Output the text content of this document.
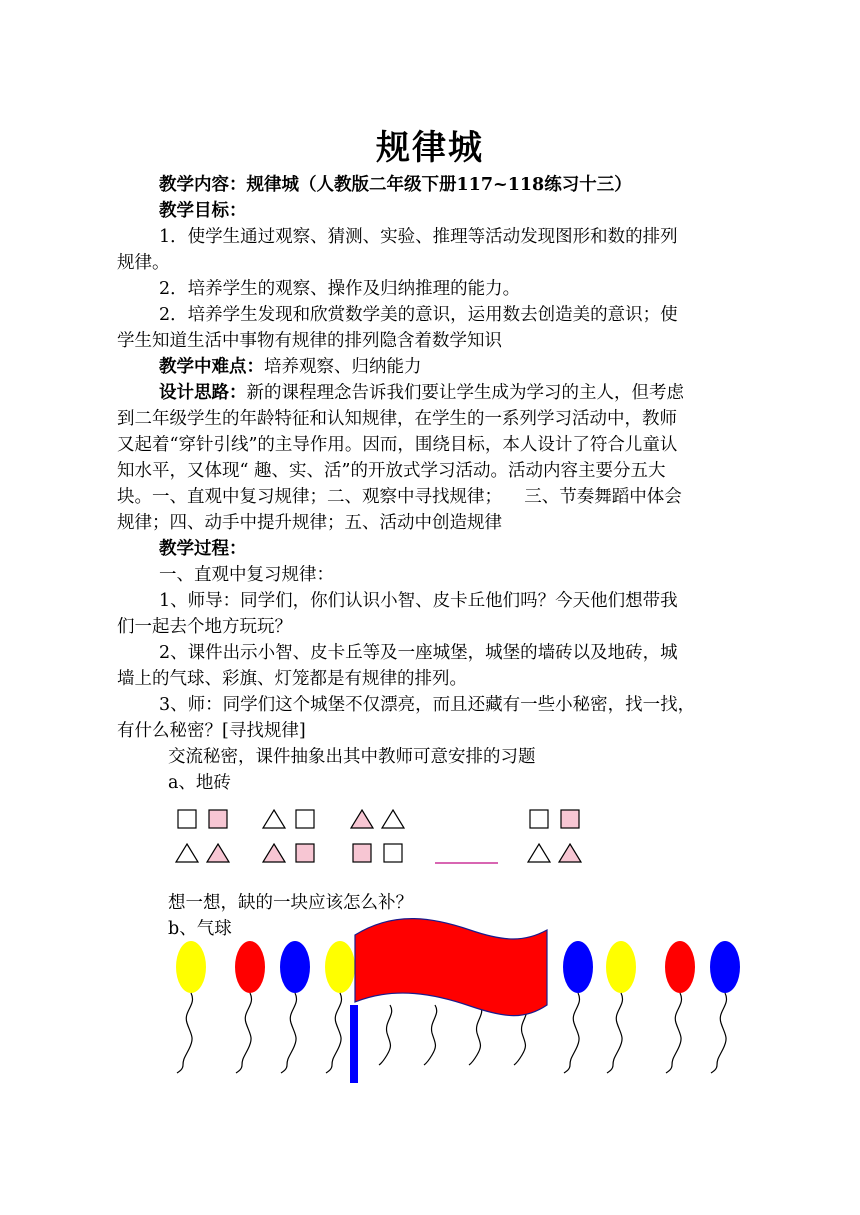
规律城
教学内容：规律城（人教版二年级下册117~118练习十三）
教学目标：
1．使学生通过观察、猜测、实验、推理等活动发现图形和数的排列
规律。
2．培养学生的观察、操作及归纳推理的能力。
2．培养学生发现和欣赏数学美的意识，运用数去创造美的意识；使
学生知道生活中事物有规律的排列隐含着数学知识
教学中难点：培养观察、归纳能力
设计思路：新的课程理念告诉我们要让学生成为学习的主人，但考虑
到二年级学生的年龄特征和认知规律，在学生的一系列学习活动中，教师
又起着“穿针引线”的主导作用。因而，围绕目标，本人设计了符合儿童认
知水平，又体现“ 趣、实、活”的开放式学习活动。活动内容主要分五大
块。一、直观中复习规律；二、观察中寻找规律；    三、节奏舞蹈中体会
规律；四、动手中提升规律；五、活动中创造规律
教学过程：
一、直观中复习规律：
1、师导：同学们，你们认识小智、皮卡丘他们吗？今天他们想带我
们一起去个地方玩玩？
2、课件出示小智、皮卡丘等及一座城堡，城堡的墙砖以及地砖，城
墙上的气球、彩旗、灯笼都是有规律的排列。
3、师：同学们这个城堡不仅漂亮，而且还藏有一些小秘密，找一找，
有什么秘密？[寻找规律]
交流秘密，课件抽象出其中教师可意安排的习题
a、地砖
想一想，缺的一块应该怎么补？
b、气球
